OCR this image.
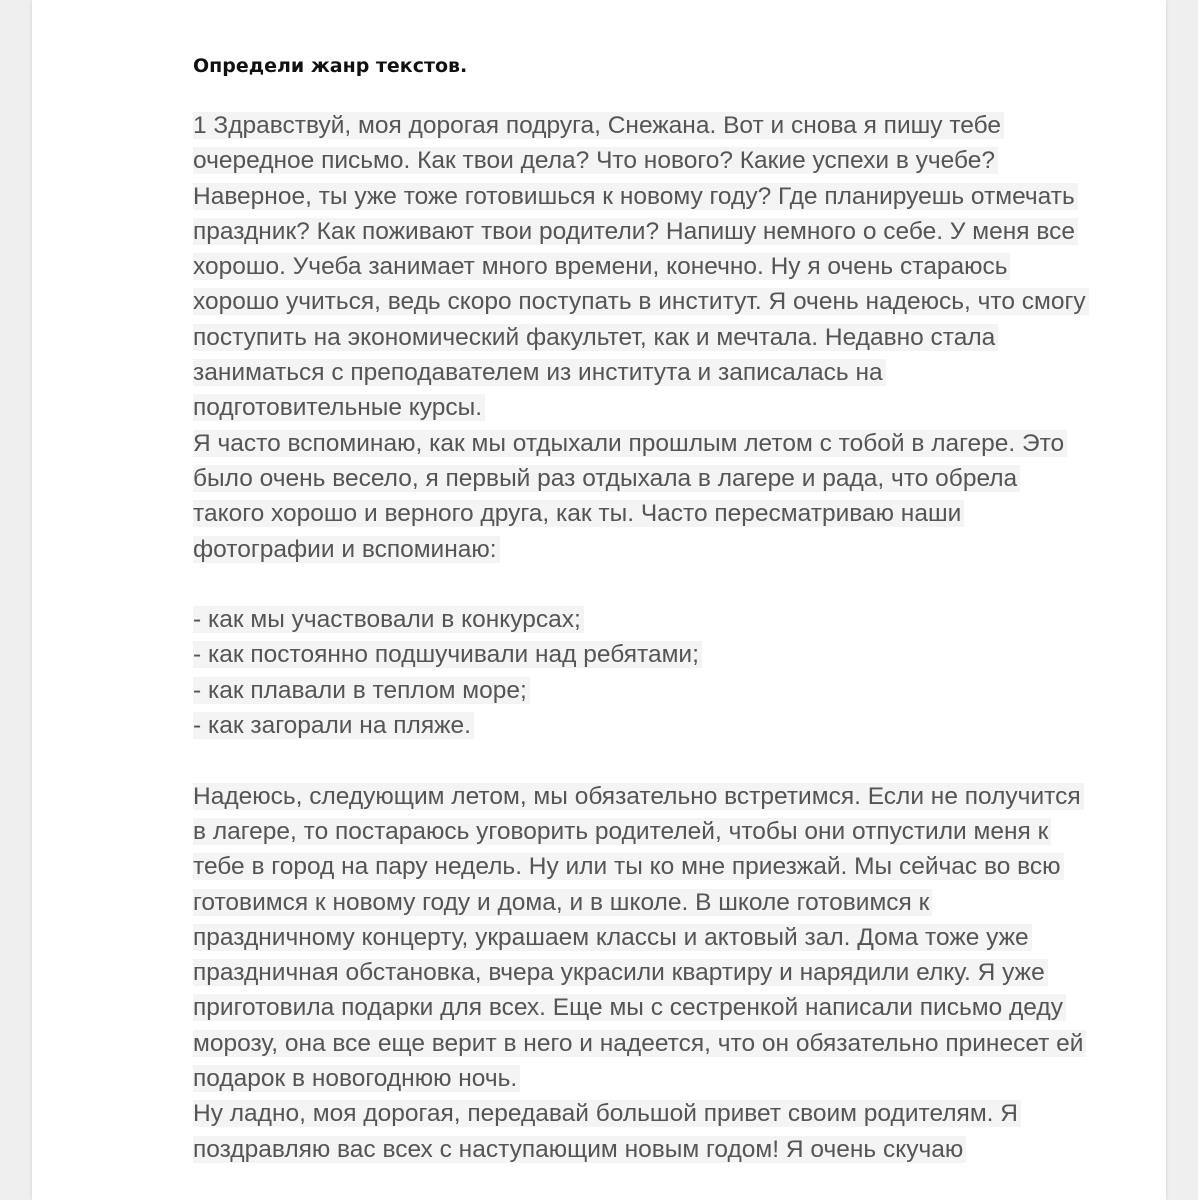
Определи жанр текстов.

1 Здравствуй, моя дорогая подруга, Снежана. Вот и снова я пишу тебе очередное письмо. Как твои дела? Что нового? Какие успехи в учебе? Наверное, ты уже тоже готовишься к новому году? Где планируешь отмечать праздник? Как поживают твои родители? Напишу немного о себе. У меня все хорошо. Учеба занимает много времени, конечно. Ну я очень стараюсь хорошо учиться, ведь скоро поступать в институт. Я очень надеюсь, что смогу поступить на экономический факультет, как и мечтала. Недавно стала заниматься с преподавателем из института и записалась на подготовительные курсы.

Я часто вспоминаю, как мы отдыхали прошлым летом с тобой в лагере. Это было очень весело, я первый раз отдыхала в лагере и рада, что обрела такого хорошо и верного друга, как ты. Часто пересматриваю наши фотографии и вспоминаю:

- как мы участвовали в конкурсах;
- как постоянно подшучивали над ребятами;
- как плавали в теплом море;
- как загорали на пляже.

Надеюсь, следующим летом, мы обязательно встретимся. Если не получится в лагере, то постараюсь уговорить родителей, чтобы они отпустили меня к тебе в город на пару недель. Ну или ты ко мне приезжай. Мы сейчас во всю готовимся к новому году и дома, и в школе. В школе готовимся к праздничному концерту, украшаем классы и актовый зал. Дома тоже уже праздничная обстановка, вчера украсили квартиру и нарядили елку. Я уже приготовила подарки для всех. Еще мы с сестренкой написали письмо деду морозу, она все еще верит в него и надеется, что он обязательно принесет ей подарок в новогоднюю ночь.

Ну ладно, моя дорогая, передавай большой привет своим родителям. Я поздравляю вас всех с наступающим новым годом! Я очень скучаю
